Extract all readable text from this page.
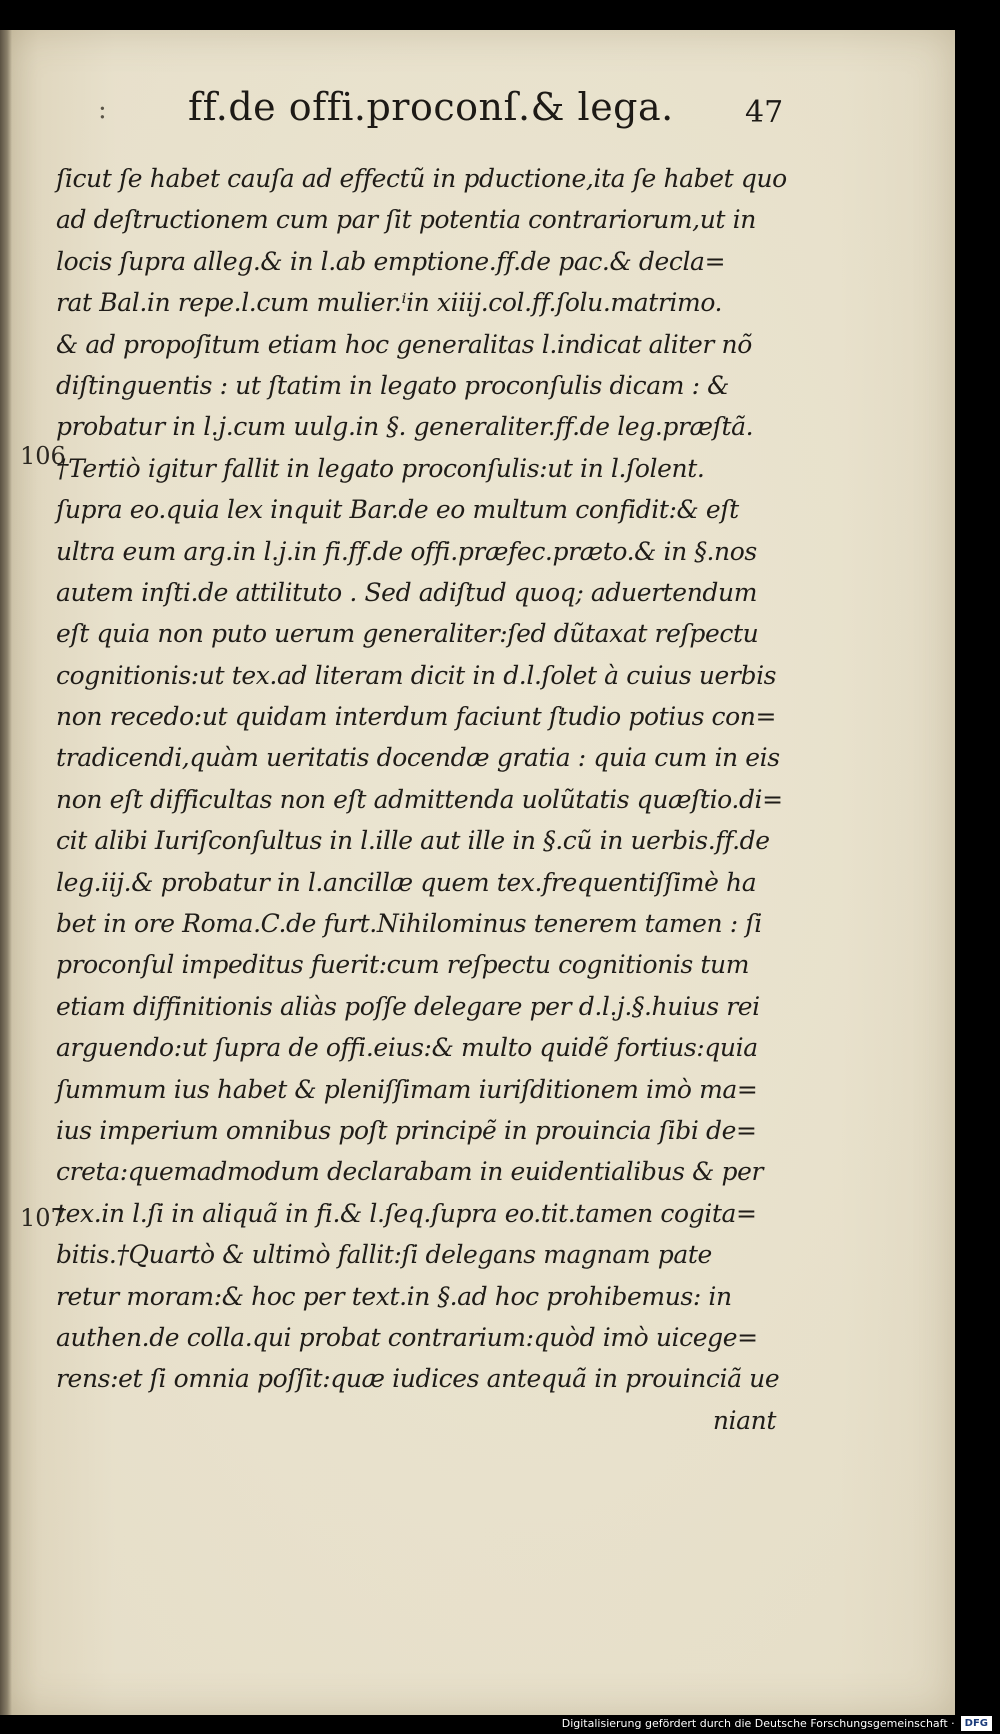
: ff.de offi.proconſ.& lega. 47
106
107
ſicut ſe habet cauſa ad effectũ in pductione,ita ſe habet quo
ad deſtructionem cum par ſit potentia contrariorum,ut in
locis ſupra alleg.& in l.ab emptione.ff.de pac.& decla=
rat Bal.in repe.l.cum mulier.ⁱin xiiij.col.ff.ſolu.matrimo.
& ad propoſitum etiam hoc generalitas l.indicat aliter nõ
diſtinguentis : ut ſtatim in legato proconſulis dicam : &
probatur in l.j.cum uulg.in §. generaliter.ff.de leg.præſtã.
†Tertiò igitur fallit in legato proconſulis:ut in l.ſolent.
ſupra eo.quia lex inquit Bar.de eo multum confidit:& eſt
ultra eum arg.in l.j.in fi.ff.de offi.præfec.præto.& in §.nos
autem inſti.de attilituto . Sed adiſtud quoq; aduertendum
eſt quia non puto uerum generaliter:ſed dũtaxat reſpectu
cognitionis:ut tex.ad literam dicit in d.l.ſolet à cuius uerbis
non recedo:ut quidam interdum faciunt ſtudio potius con=
tradicendi,quàm ueritatis docendæ gratia : quia cum in eis
non eſt difficultas non eſt admittenda uolũtatis quæſtio.di=
cit alibi Iuriſconſultus in l.ille aut ille in §.cũ in uerbis.ff.de
leg.iij.& probatur in l.ancillæ quem tex.frequentiſſimè ha
bet in ore Roma.C.de furt.Nihilominus tenerem tamen : ſi
proconſul impeditus fuerit:cum reſpectu cognitionis tum
etiam diffinitionis aliàs poſſe delegare per d.l.j.§.huius rei
arguendo:ut ſupra de offi.eius:& multo quidẽ fortius:quia
ſummum ius habet & pleniſſimam iuriſditionem imò ma=
ius imperium omnibus poſt principẽ in prouincia ſibi de=
creta:quemadmodum declarabam in euidentialibus & per
tex.in l.ſi in aliquã in fi.& l.ſeq.ſupra eo.tit.tamen cogita=
bitis.†Quartò & ultimò fallit:ſi delegans magnam pate
retur moram:& hoc per text.in §.ad hoc prohibemus: in
authen.de colla.qui probat contrarium:quòd imò uicege=
rens:et ſi omnia poſſit:quæ iudices antequã in prouinciã ue
niant
Digitalisierung gefördert durch die Deutsche Forschungsgemeinschaft ·	DFG
